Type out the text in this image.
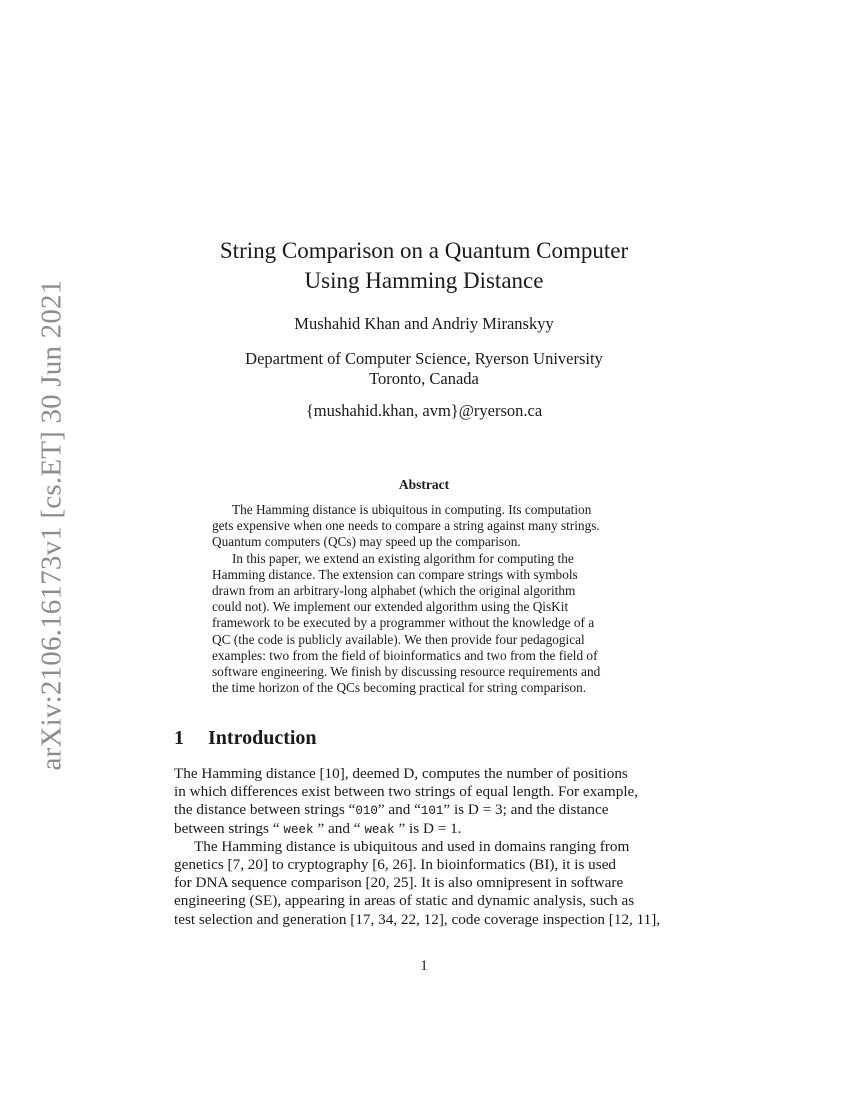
arXiv:2106.16173v1 [cs.ET] 30 Jun 2021
String Comparison on a Quantum Computer
Using Hamming Distance
Mushahid Khan and Andriy Miranskyy
Department of Computer Science, Ryerson University
Toronto, Canada
{mushahid.khan, avm}@ryerson.ca
Abstract
The Hamming distance is ubiquitous in computing. Its computation
gets expensive when one needs to compare a string against many strings.
Quantum computers (QCs) may speed up the comparison.
In this paper, we extend an existing algorithm for computing the
Hamming distance. The extension can compare strings with symbols
drawn from an arbitrary-long alphabet (which the original algorithm
could not). We implement our extended algorithm using the QisKit
framework to be executed by a programmer without the knowledge of a
QC (the code is publicly available). We then provide four pedagogical
examples: two from the field of bioinformatics and two from the field of
software engineering. We finish by discussing resource requirements and
the time horizon of the QCs becoming practical for string comparison.
1 Introduction
The Hamming distance [10], deemed D, computes the number of positions
in which differences exist between two strings of equal length. For example,
the distance between strings “010” and “101” is D = 3; and the distance
between strings “ week ” and “ weak ” is D = 1.
The Hamming distance is ubiquitous and used in domains ranging from
genetics [7, 20] to cryptography [6, 26]. In bioinformatics (BI), it is used
for DNA sequence comparison [20, 25]. It is also omnipresent in software
engineering (SE), appearing in areas of static and dynamic analysis, such as
test selection and generation [17, 34, 22, 12], code coverage inspection [12, 11],
1
